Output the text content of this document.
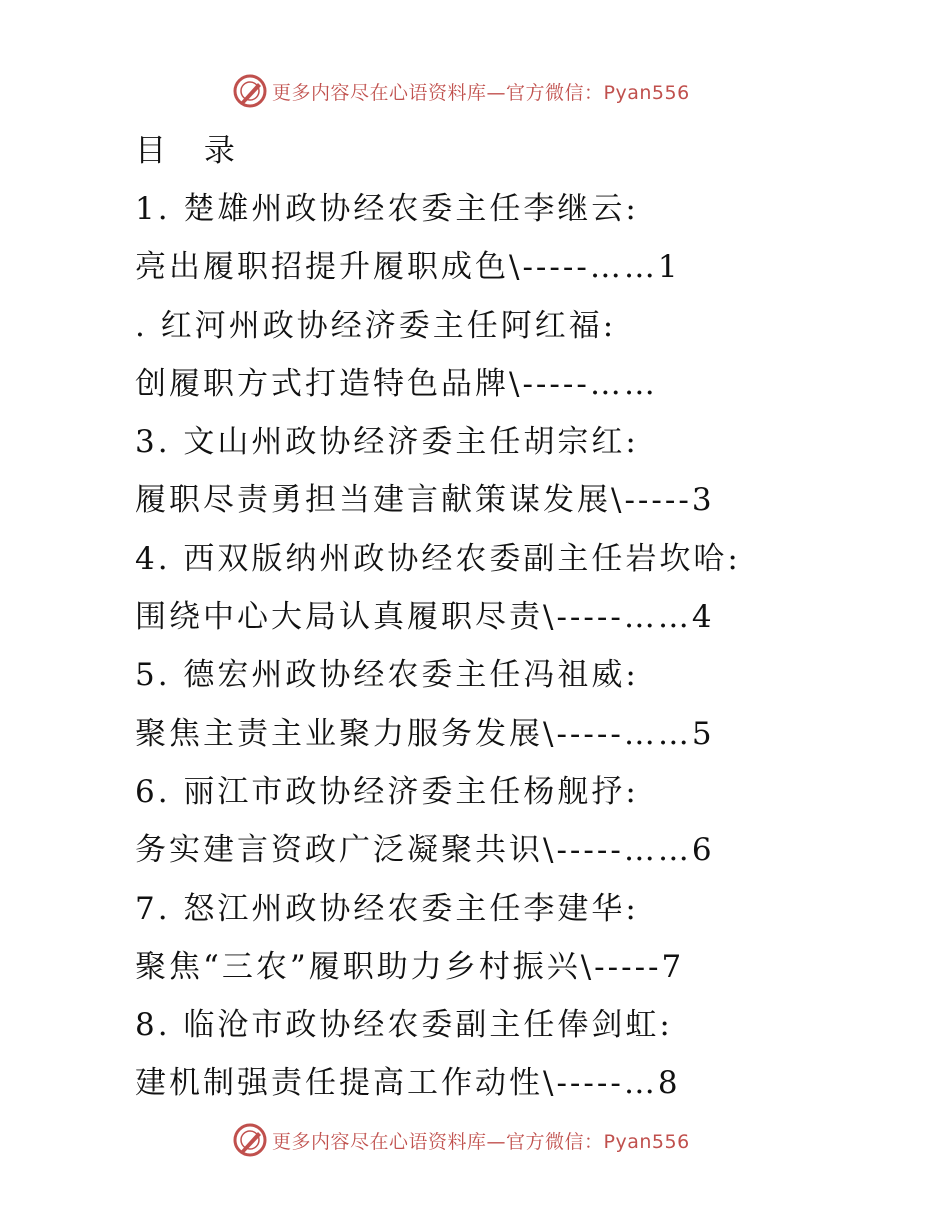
更多内容尽在心语资料库—官方微信：Pyan556
目 录
1. 楚雄州政协经农委主任李继云:
亮出履职招提升履职成色\-----……1
. 红河州政协经济委主任阿红福:
创履职方式打造特色品牌\-----……
3. 文山州政协经济委主任胡宗红:
履职尽责勇担当建言献策谋发展\-----3
4. 西双版纳州政协经农委副主任岩坎哈:
围绕中心大局认真履职尽责\-----……4
5. 德宏州政协经农委主任冯祖威:
聚焦主责主业聚力服务发展\-----……5
6. 丽江市政协经济委主任杨舰抒:
务实建言资政广泛凝聚共识\-----……6
7. 怒江州政协经农委主任李建华:
聚焦“三农”履职助力乡村振兴\-----7
8. 临沧市政协经农委副主任俸剑虹:
建机制强责任提高工作动性\-----…8
更多内容尽在心语资料库—官方微信：Pyan556
